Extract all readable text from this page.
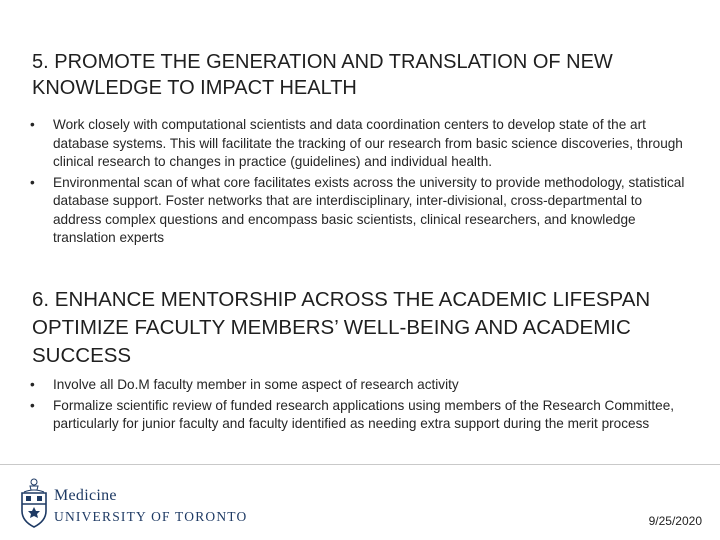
5. PROMOTE THE GENERATION AND TRANSLATION OF NEW KNOWLEDGE TO IMPACT HEALTH
•	Work closely with computational scientists and data coordination centers to develop state of the art database systems. This will facilitate the tracking of our research from basic science discoveries, through clinical research to changes in practice (guidelines) and individual health.
•	Environmental scan of what core facilitates exists across the university to provide methodology, statistical database support. Foster networks that are interdisciplinary, inter-divisional, cross-departmental to address complex questions and encompass basic scientists, clinical researchers, and knowledge translation experts
6. ENHANCE MENTORSHIP ACROSS THE ACADEMIC LIFESPAN OPTIMIZE FACULTY MEMBERS’ WELL-BEING AND ACADEMIC SUCCESS
•	Involve all Do.M faculty member in some aspect of research activity
•	Formalize scientific review of funded research applications using members of the Research Committee, particularly for junior faculty and faculty identified as needing extra support during the merit process
Medicine
UNIVERSITY OF TORONTO	9/25/2020
